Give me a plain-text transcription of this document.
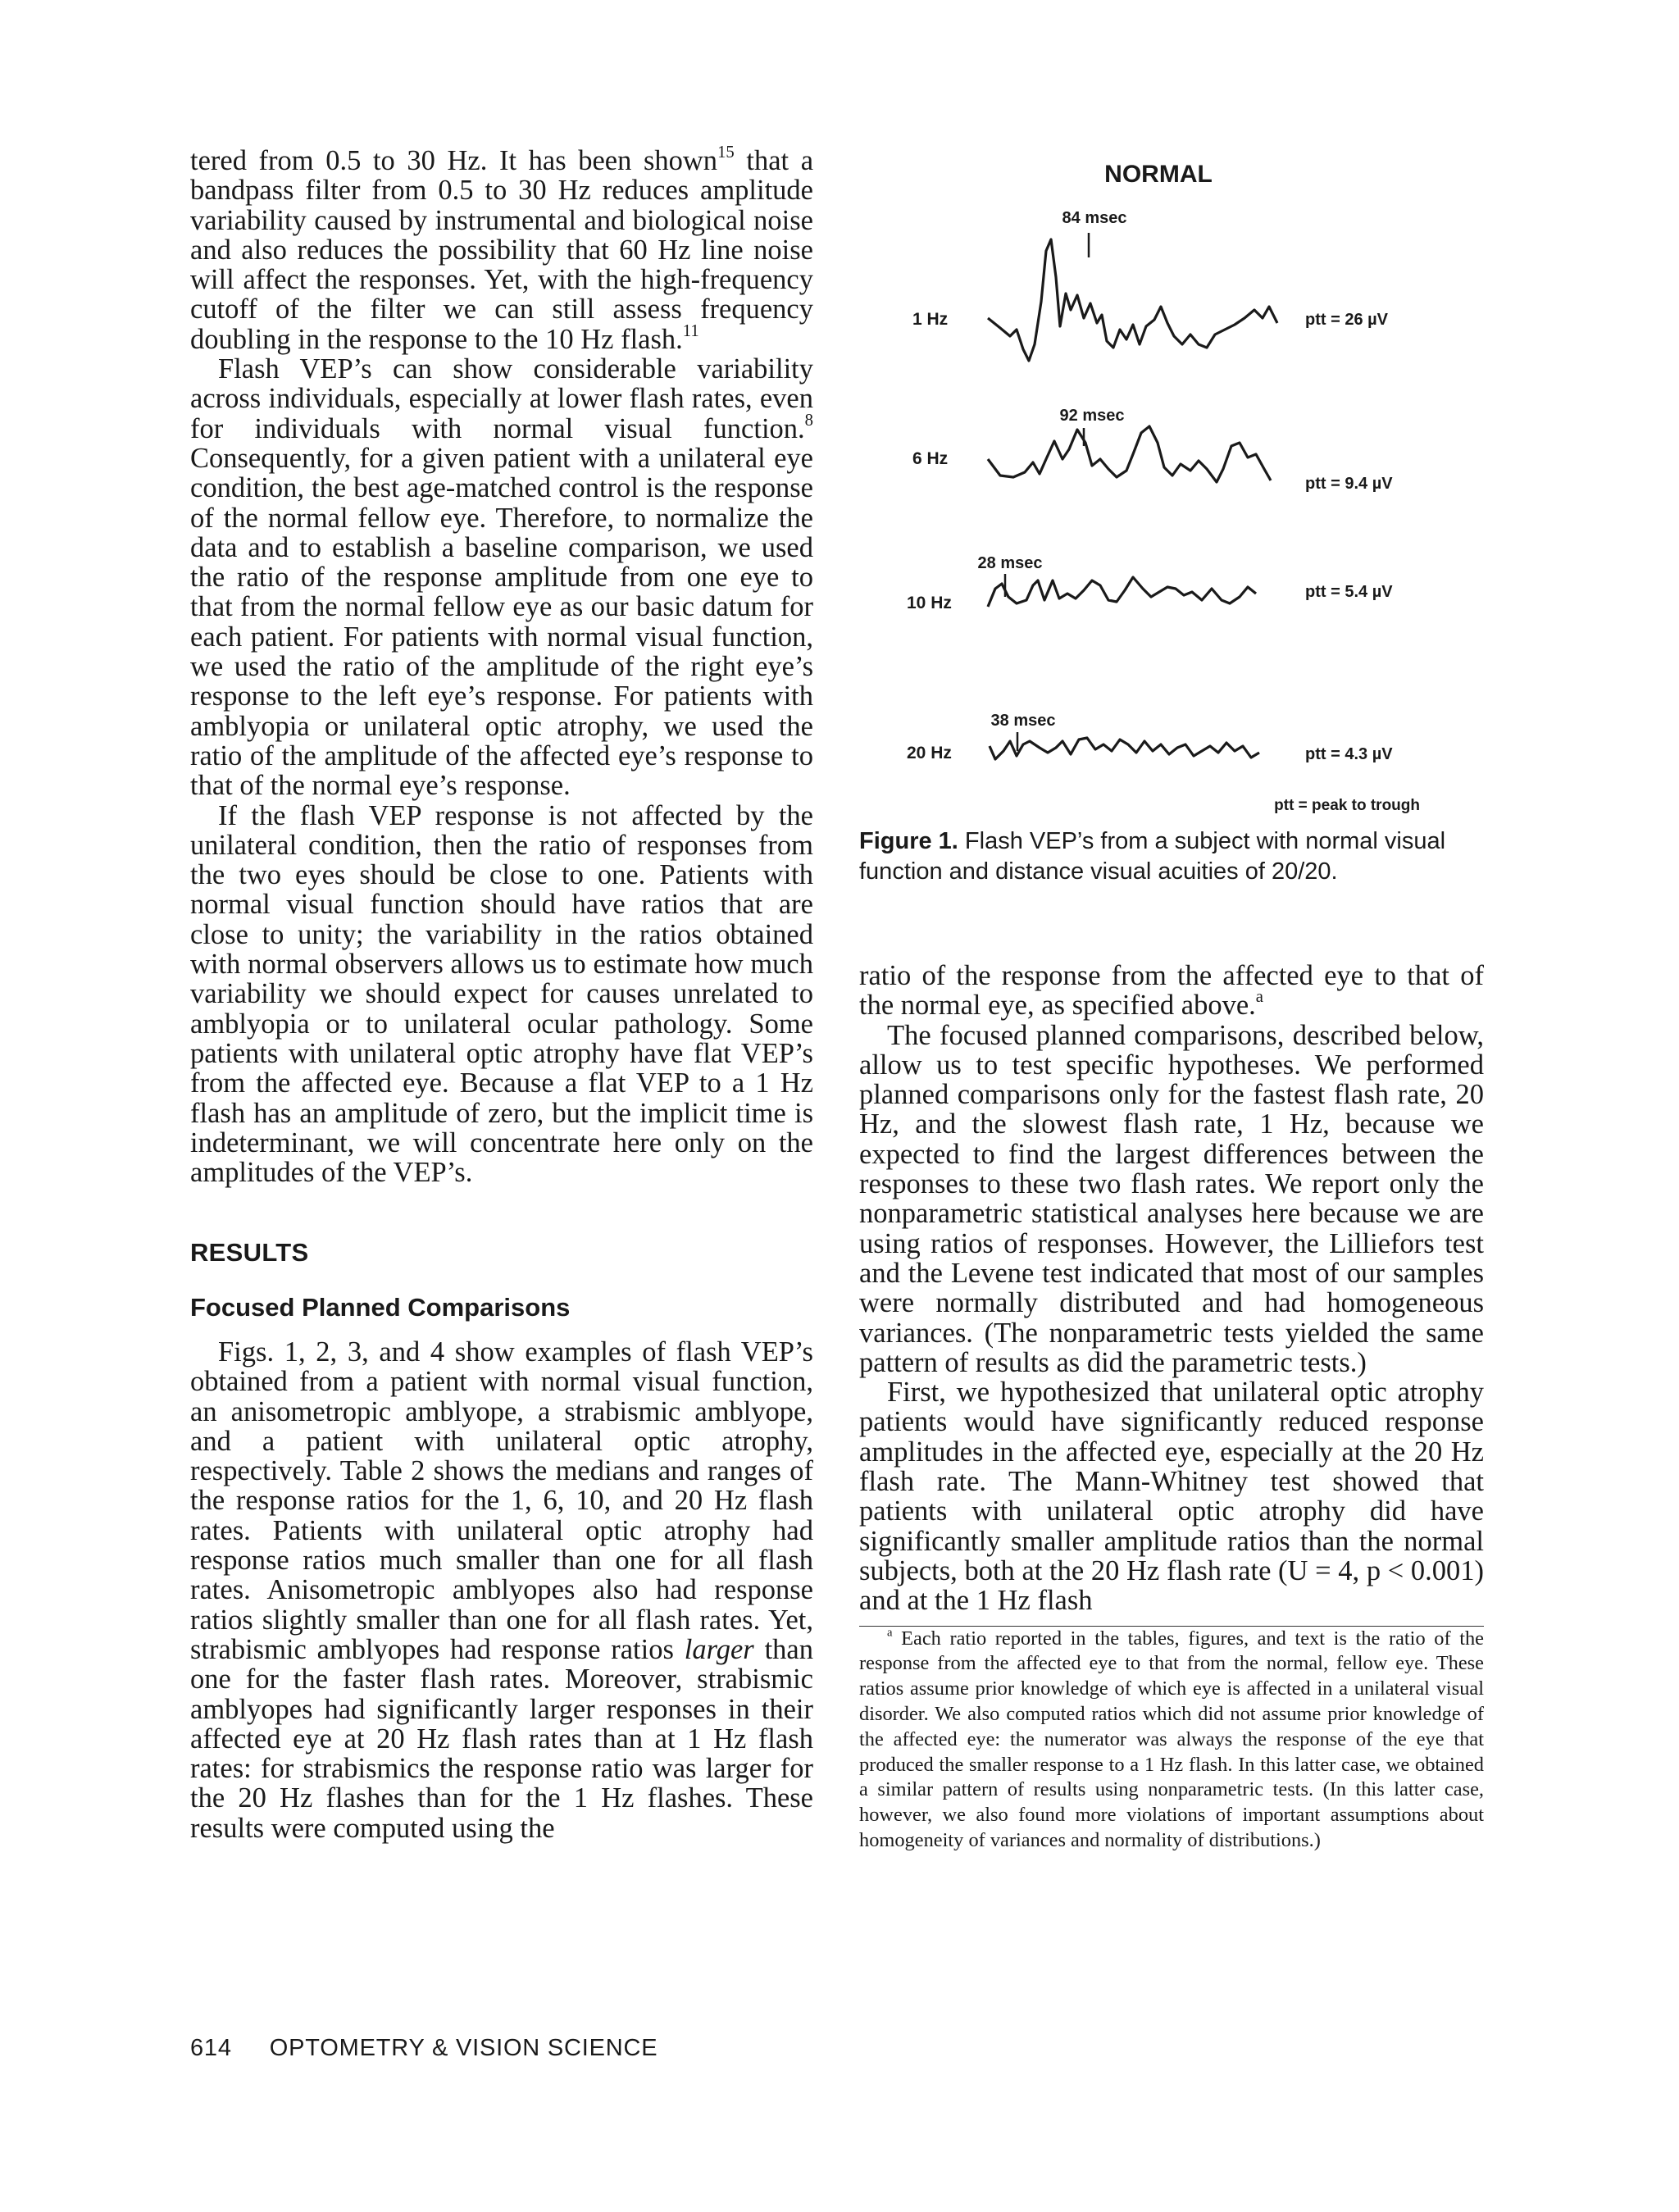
tered from 0.5 to 30 Hz. It has been shown$^{15}$ that a bandpass filter from 0.5 to 30 Hz reduces amplitude variability caused by instrumental and biological noise and also reduces the possibility that 60 Hz line noise will affect the responses. Yet, with the high-frequency cutoff of the filter we can still assess frequency doubling in the response to the 10 Hz flash.$^{11}$

Flash VEP’s can show considerable variability across individuals, especially at lower flash rates, even for individuals with normal visual function.$^8$ Consequently, for a given patient with a unilateral eye condition, the best age-matched control is the response of the normal fellow eye. Therefore, to normalize the data and to establish a baseline comparison, we used the ratio of the response amplitude from one eye to that from the normal fellow eye as our basic datum for each patient. For patients with normal visual function, we used the ratio of the amplitude of the right eye’s response to the left eye’s response. For patients with amblyopia or unilateral optic atrophy, we used the ratio of the amplitude of the affected eye’s response to that of the normal eye’s response.

If the flash VEP response is not affected by the unilateral condition, then the ratio of responses from the two eyes should be close to one. Patients with normal visual function should have ratios that are close to unity; the variability in the ratios obtained with normal observers allows us to estimate how much variability we should expect for causes unrelated to amblyopia or to unilateral ocular pathology. Some patients with unilateral optic atrophy have flat VEP’s from the affected eye. Because a flat VEP to a 1 Hz flash has an amplitude of zero, but the implicit time is indeterminant, we will concentrate here only on the amplitudes of the VEP’s.

RESULTS
Focused Planned Comparisons

Figs. 1, 2, 3, and 4 show examples of flash VEP’s obtained from a patient with normal visual function, an anisometropic amblyope, a strabismic amblyope, and a patient with unilateral optic atrophy, respectively. Table 2 shows the medians and ranges of the response ratios for the 1, 6, 10, and 20 Hz flash rates. Patients with unilateral optic atrophy had response ratios much smaller than one for all flash rates. Anisometropic amblyopes also had response ratios slightly smaller than one for all flash rates. Yet, strabismic amblyopes had response ratios larger than one for the faster flash rates. Moreover, strabismic amblyopes had significantly larger responses in their affected eye at 20 Hz flash rates than at 1 Hz flash rates: for strabismics the response ratio was larger for the 20 Hz flashes than for the 1 Hz flashes. These results were computed using the

NORMAL
84 msec
1 Hz	ptt = 26 µV
92 msec
6 Hz
ptt = 9.4 µV
28 msec
10 Hz
ptt = 5.4 µV
38 msec
20 Hz	ptt = 4.3 µV
ptt = peak to trough
Figure 1. Flash VEP’s from a subject with normal visual function and distance visual acuities of 20/20.

ratio of the response from the affected eye to that of the normal eye, as specified above.$^a$

The focused planned comparisons, described below, allow us to test specific hypotheses. We performed planned comparisons only for the fastest flash rate, 20 Hz, and the slowest flash rate, 1 Hz, because we expected to find the largest differences between the responses to these two flash rates. We report only the nonparametric statistical analyses here because we are using ratios of responses. However, the Lilliefors test and the Levene test indicated that most of our samples were normally distributed and had homogeneous variances. (The nonparametric tests yielded the same pattern of results as did the parametric tests.)

First, we hypothesized that unilateral optic atrophy patients would have significantly reduced response amplitudes in the affected eye, especially at the 20 Hz flash rate. The Mann-Whitney test showed that patients with unilateral optic atrophy did have significantly smaller amplitude ratios than the normal subjects, both at the 20 Hz flash rate (U = 4, p < 0.001) and at the 1 Hz flash

$^a$ Each ratio reported in the tables, figures, and text is the ratio of the response from the affected eye to that from the normal, fellow eye. These ratios assume prior knowledge of which eye is affected in a unilateral visual disorder. We also computed ratios which did not assume prior knowledge of the affected eye: the numerator was always the response of the eye that produced the smaller response to a 1 Hz flash. In this latter case, we obtained a similar pattern of results using nonparametric tests. (In this latter case, however, we also found more violations of important assumptions about homogeneity of variances and normality of distributions.)

614 OPTOMETRY & VISION SCIENCE
